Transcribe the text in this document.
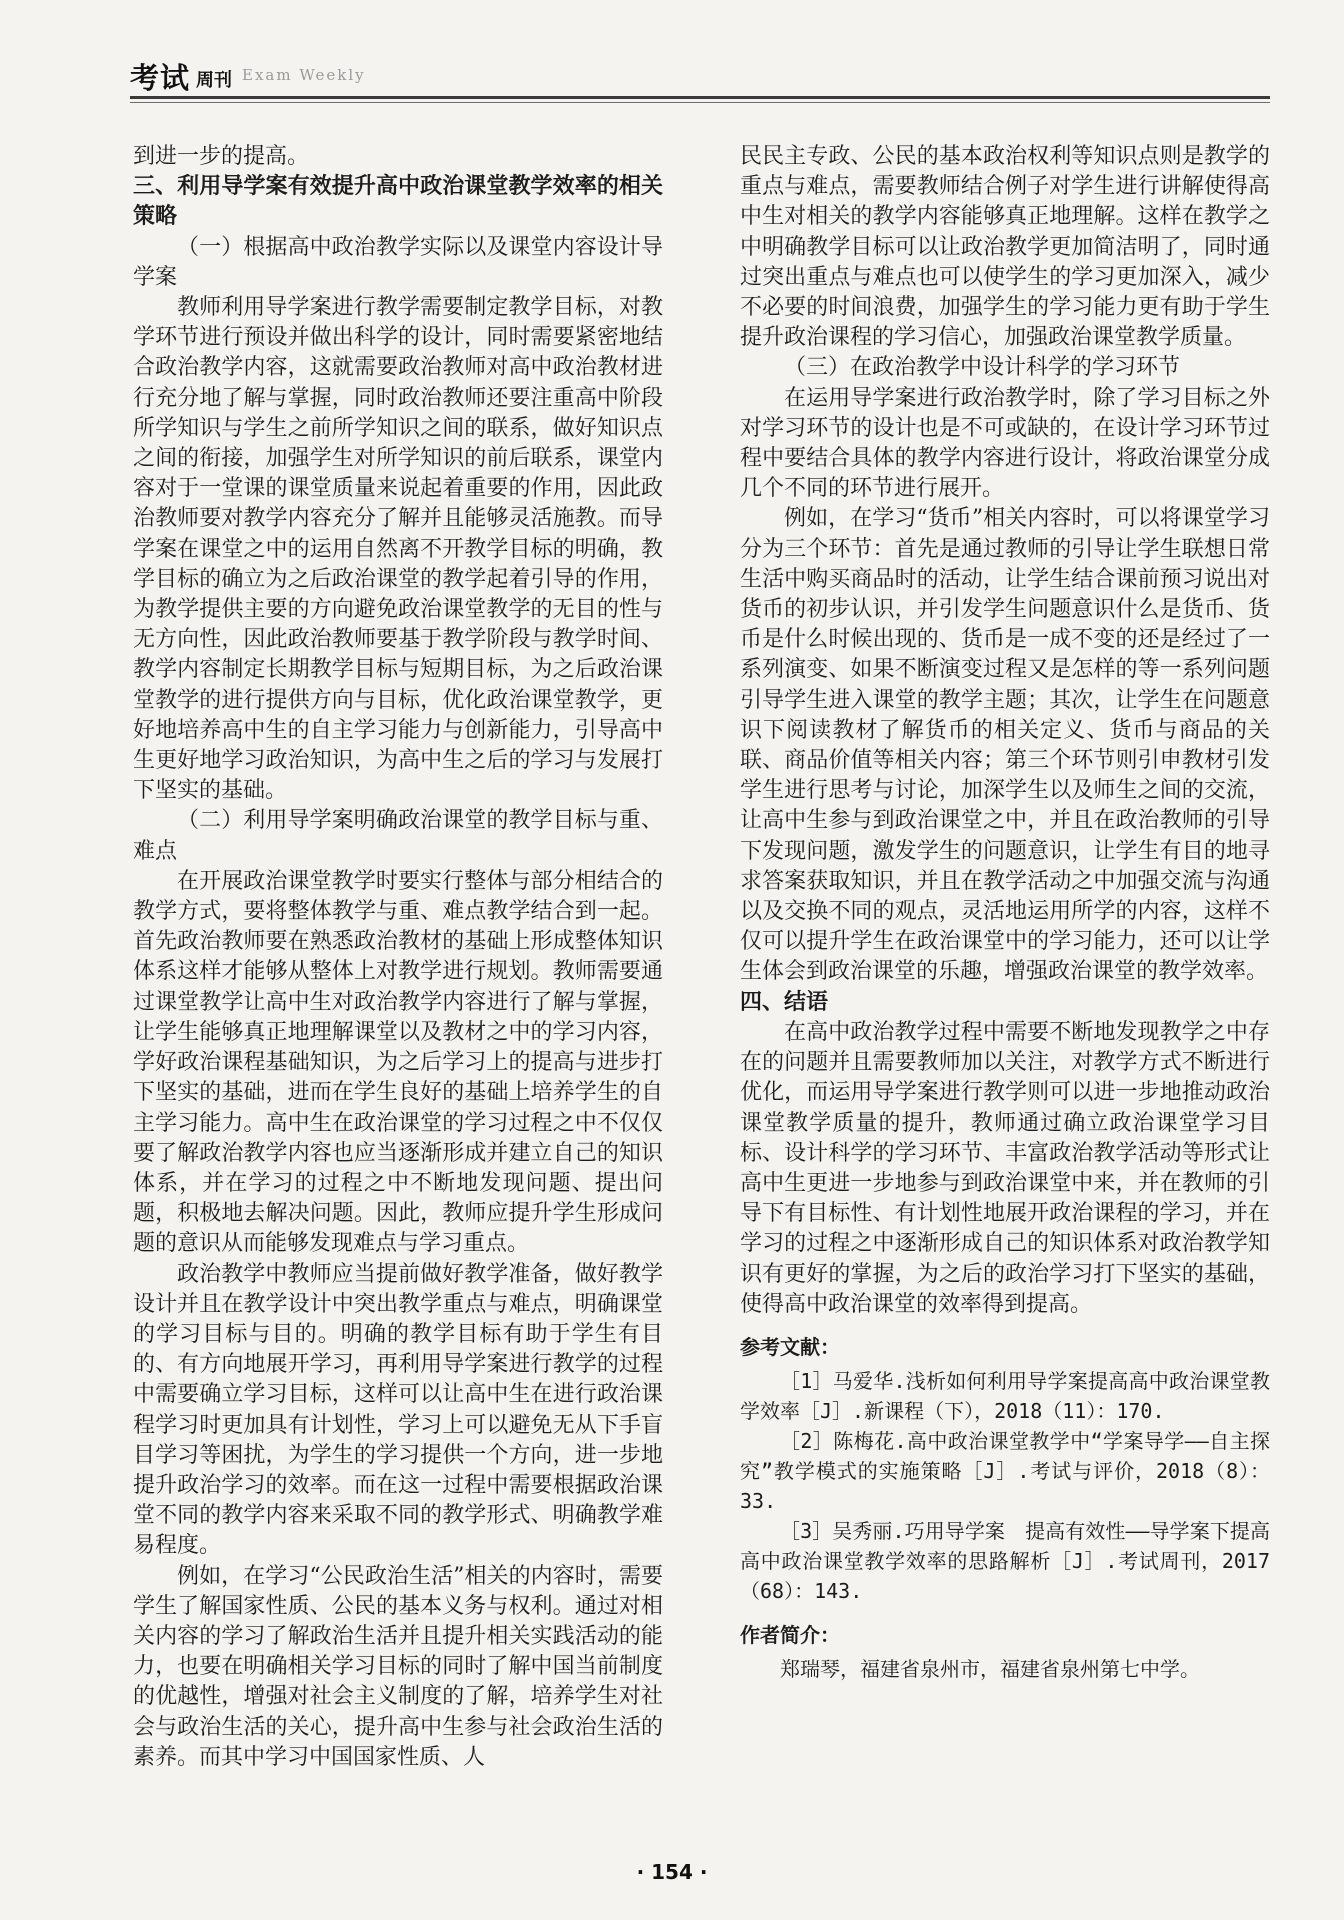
考试 周刊 Exam Weekly

到进一步的提高。

三、利用导学案有效提升高中政治课堂教学效率的相关策略
（一）根据高中政治教学实际以及课堂内容设计导学案

教师利用导学案进行教学需要制定教学目标，对教学环节进行预设并做出科学的设计，同时需要紧密地结合政治教学内容，这就需要政治教师对高中政治教材进行充分地了解与掌握，同时政治教师还要注重高中阶段所学知识与学生之前所学知识之间的联系，做好知识点之间的衔接，加强学生对所学知识的前后联系，课堂内容对于一堂课的课堂质量来说起着重要的作用，因此政治教师要对教学内容充分了解并且能够灵活施教。而导学案在课堂之中的运用自然离不开教学目标的明确，教学目标的确立为之后政治课堂的教学起着引导的作用，为教学提供主要的方向避免政治课堂教学的无目的性与无方向性，因此政治教师要基于教学阶段与教学时间、教学内容制定长期教学目标与短期目标，为之后政治课堂教学的进行提供方向与目标，优化政治课堂教学，更好地培养高中生的自主学习能力与创新能力，引导高中生更好地学习政治知识，为高中生之后的学习与发展打下坚实的基础。

（二）利用导学案明确政治课堂的教学目标与重、难点

在开展政治课堂教学时要实行整体与部分相结合的教学方式，要将整体教学与重、难点教学结合到一起。首先政治教师要在熟悉政治教材的基础上形成整体知识体系这样才能够从整体上对教学进行规划。教师需要通过课堂教学让高中生对政治教学内容进行了解与掌握，让学生能够真正地理解课堂以及教材之中的学习内容，学好政治课程基础知识，为之后学习上的提高与进步打下坚实的基础，进而在学生良好的基础上培养学生的自主学习能力。高中生在政治课堂的学习过程之中不仅仅要了解政治教学内容也应当逐渐形成并建立自己的知识体系，并在学习的过程之中不断地发现问题、提出问题，积极地去解决问题。因此，教师应提升学生形成问题的意识从而能够发现难点与学习重点。

政治教学中教师应当提前做好教学准备，做好教学设计并且在教学设计中突出教学重点与难点，明确课堂的学习目标与目的。明确的教学目标有助于学生有目的、有方向地展开学习，再利用导学案进行教学的过程中需要确立学习目标，这样可以让高中生在进行政治课程学习时更加具有计划性，学习上可以避免无从下手盲目学习等困扰，为学生的学习提供一个方向，进一步地提升政治学习的效率。而在这一过程中需要根据政治课堂不同的教学内容来采取不同的教学形式、明确教学难易程度。

例如，在学习“公民政治生活”相关的内容时，需要学生了解国家性质、公民的基本义务与权利。通过对相关内容的学习了解政治生活并且提升相关实践活动的能力，也要在明确相关学习目标的同时了解中国当前制度的优越性，增强对社会主义制度的了解，培养学生对社会与政治生活的关心，提升高中生参与社会政治生活的素养。而其中学习中国国家性质、人

民民主专政、公民的基本政治权利等知识点则是教学的重点与难点，需要教师结合例子对学生进行讲解使得高中生对相关的教学内容能够真正地理解。这样在教学之中明确教学目标可以让政治教学更加简洁明了，同时通过突出重点与难点也可以使学生的学习更加深入，减少不必要的时间浪费，加强学生的学习能力更有助于学生提升政治课程的学习信心，加强政治课堂教学质量。

（三）在政治教学中设计科学的学习环节

在运用导学案进行政治教学时，除了学习目标之外对学习环节的设计也是不可或缺的，在设计学习环节过程中要结合具体的教学内容进行设计，将政治课堂分成几个不同的环节进行展开。

例如，在学习“货币”相关内容时，可以将课堂学习分为三个环节：首先是通过教师的引导让学生联想日常生活中购买商品时的活动，让学生结合课前预习说出对货币的初步认识，并引发学生问题意识什么是货币、货币是什么时候出现的、货币是一成不变的还是经过了一系列演变、如果不断演变过程又是怎样的等一系列问题引导学生进入课堂的教学主题；其次，让学生在问题意识下阅读教材了解货币的相关定义、货币与商品的关联、商品价值等相关内容；第三个环节则引申教材引发学生进行思考与讨论，加深学生以及师生之间的交流，让高中生参与到政治课堂之中，并且在政治教师的引导下发现问题，激发学生的问题意识，让学生有目的地寻求答案获取知识，并且在教学活动之中加强交流与沟通以及交换不同的观点，灵活地运用所学的内容，这样不仅可以提升学生在政治课堂中的学习能力，还可以让学生体会到政治课堂的乐趣，增强政治课堂的教学效率。

四、结语

在高中政治教学过程中需要不断地发现教学之中存在的问题并且需要教师加以关注，对教学方式不断进行优化，而运用导学案进行教学则可以进一步地推动政治课堂教学质量的提升，教师通过确立政治课堂学习目标、设计科学的学习环节、丰富政治教学活动等形式让高中生更进一步地参与到政治课堂中来，并在教师的引导下有目标性、有计划性地展开政治课程的学习，并在学习的过程之中逐渐形成自己的知识体系对政治教学知识有更好的掌握，为之后的政治学习打下坚实的基础，使得高中政治课堂的效率得到提高。

参考文献：

［1］马爱华.浅析如何利用导学案提高高中政治课堂教学效率［J］.新课程（下），2018（11）：170.

［2］陈梅花.高中政治课堂教学中“学案导学——自主探究”教学模式的实施策略［J］.考试与评价，2018（8）：33.

［3］吴秀丽.巧用导学案　提高有效性——导学案下提高高中政治课堂教学效率的思路解析［J］.考试周刊，2017（68）：143.

作者简介：

郑瑞琴，福建省泉州市，福建省泉州第七中学。

· 154 ·
